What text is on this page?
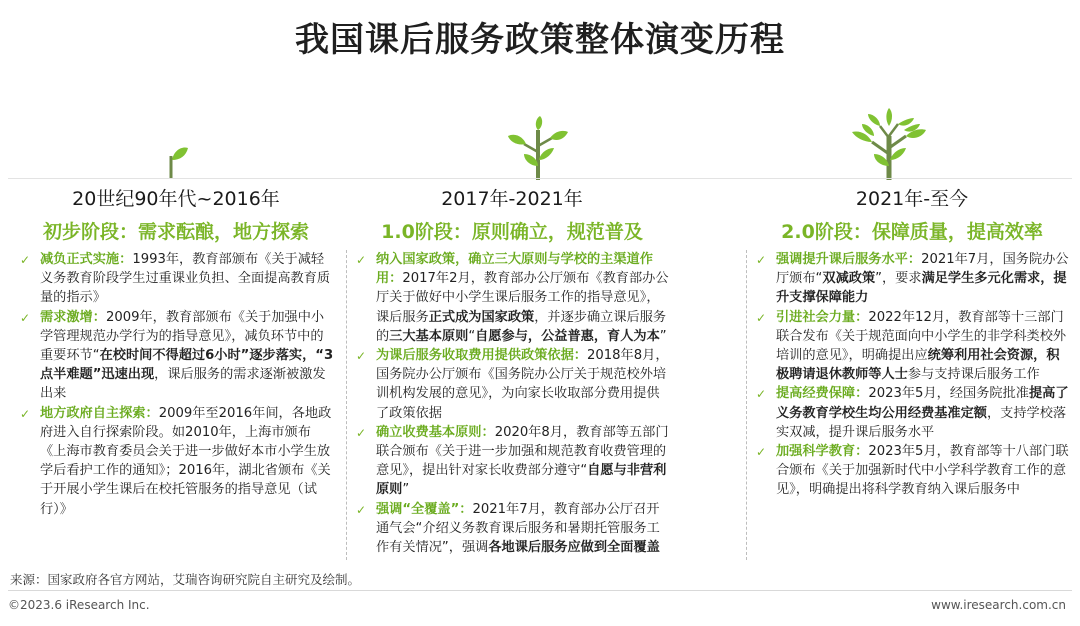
我国课后服务政策整体演变历程
20世纪90年代~2016年
初步阶段：需求酝酿，地方探索
✓ 减负正式实施：1993年，教育部颁布《关于减轻义务教育阶段学生过重课业负担、全面提高教育质量的指示》
✓ 需求激增：2009年，教育部颁布《关于加强中小学管理规范办学行为的指导意见》，减负环节中的重要环节“在校时间不得超过6小时”逐步落实，“3点半难题”迅速出现，课后服务的需求逐渐被激发出来
✓ 地方政府自主探索：2009年至2016年间，各地政府进入自行探索阶段。如2010年，上海市颁布《上海市教育委员会关于进一步做好本市小学生放学后看护工作的通知》；2016年，湖北省颁布《关于开展小学生课后在校托管服务的指导意见（试行）》
2017年-2021年
1.0阶段：原则确立，规范普及
✓ 纳入国家政策，确立三大原则与学校的主渠道作用：2017年2月，教育部办公厅颁布《教育部办公厅关于做好中小学生课后服务工作的指导意见》，课后服务正式成为国家政策，并逐步确立课后服务的三大基本原则“自愿参与，公益普惠，育人为本”
✓ 为课后服务收取费用提供政策依据：2018年8月，国务院办公厅颁布《国务院办公厅关于规范校外培训机构发展的意见》，为向家长收取部分费用提供了政策依据
✓ 确立收费基本原则：2020年8月，教育部等五部门联合颁布《关于进一步加强和规范教育收费管理的意见》，提出针对家长收费部分遵守“自愿与非营利原则”
✓ 强调“全覆盖”：2021年7月，教育部办公厅召开通气会“介绍义务教育课后服务和暑期托管服务工作有关情况”，强调各地课后服务应做到全面覆盖
2021年-至今
2.0阶段：保障质量，提高效率
✓ 强调提升课后服务水平：2021年7月，国务院办公厅颁布“双减政策”，要求满足学生多元化需求，提升支撑保障能力
✓ 引进社会力量：2022年12月，教育部等十三部门联合发布《关于规范面向中小学生的非学科类校外培训的意见》，明确提出应统筹利用社会资源，积极聘请退休教师等人士参与支持课后服务工作
✓ 提高经费保障：2023年5月，经国务院批准提高了义务教育学校生均公用经费基准定额，支持学校落实双减，提升课后服务水平
✓ 加强科学教育：2023年5月，教育部等十八部门联合颁布《关于加强新时代中小学科学教育工作的意见》，明确提出将科学教育纳入课后服务中
来源：国家政府各官方网站，艾瑞咨询研究院自主研究及绘制。
©2023.6 iResearch Inc.	www.iresearch.com.cn
